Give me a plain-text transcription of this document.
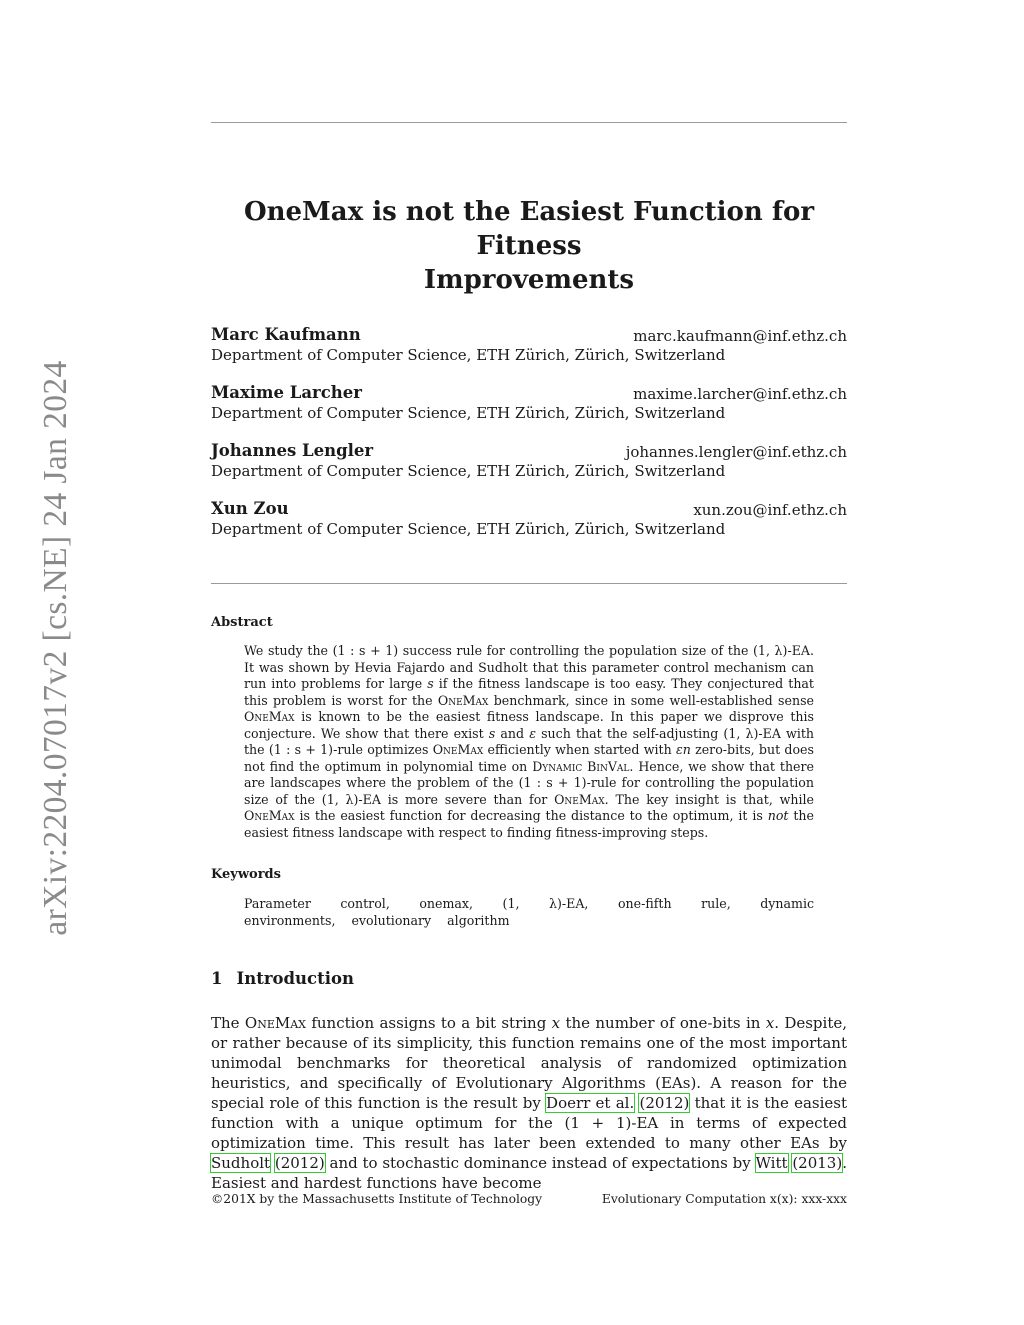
arXiv:2204.07017v2 [cs.NE] 24 Jan 2024
OneMax is not the Easiest Function for Fitness
Improvements
Marc Kaufmann	marc.kaufmann@inf.ethz.ch
Department of Computer Science, ETH Zürich, Zürich, Switzerland
Maxime Larcher	maxime.larcher@inf.ethz.ch
Department of Computer Science, ETH Zürich, Zürich, Switzerland
Johannes Lengler	johannes.lengler@inf.ethz.ch
Department of Computer Science, ETH Zürich, Zürich, Switzerland
Xun Zou	xun.zou@inf.ethz.ch
Department of Computer Science, ETH Zürich, Zürich, Switzerland
Abstract

We study the (1 : s + 1) success rule for controlling the population size of the (1, λ)-EA. It was shown by Hevia Fajardo and Sudholt that this parameter control mechanism can run into problems for large s if the fitness landscape is too easy. They conjectured that this problem is worst for the OneMax benchmark, since in some well-established sense OneMax is known to be the easiest fitness landscape. In this paper we disprove this conjecture. We show that there exist s and ε such that the self-adjusting (1, λ)-EA with the (1 : s + 1)-rule optimizes OneMax efficiently when started with εn zero-bits, but does not find the optimum in polynomial time on Dynamic BinVal. Hence, we show that there are landscapes where the problem of the (1 : s + 1)-rule for controlling the population size of the (1, λ)-EA is more severe than for OneMax. The key insight is that, while OneMax is the easiest function for decreasing the distance to the optimum, it is not the easiest fitness landscape with respect to finding fitness-improving steps.

Keywords

Parameter control, onemax, (1, λ)-EA, one-fifth rule, dynamic environments, evolutionary algorithm

1 Introduction

The OneMax function assigns to a bit string x the number of one-bits in x. Despite, or rather because of its simplicity, this function remains one of the most important unimodal benchmarks for theoretical analysis of randomized optimization heuristics, and specifically of Evolutionary Algorithms (EAs). A reason for the special role of this function is the result by Doerr et al. (2012) that it is the easiest function with a unique optimum for the (1 + 1)-EA in terms of expected optimization time. This result has later been extended to many other EAs by Sudholt (2012) and to stochastic dominance instead of expectations by Witt (2013). Easiest and hardest functions have become

©201X by the Massachusetts Institute of Technology	Evolutionary Computation x(x): xxx-xxx
